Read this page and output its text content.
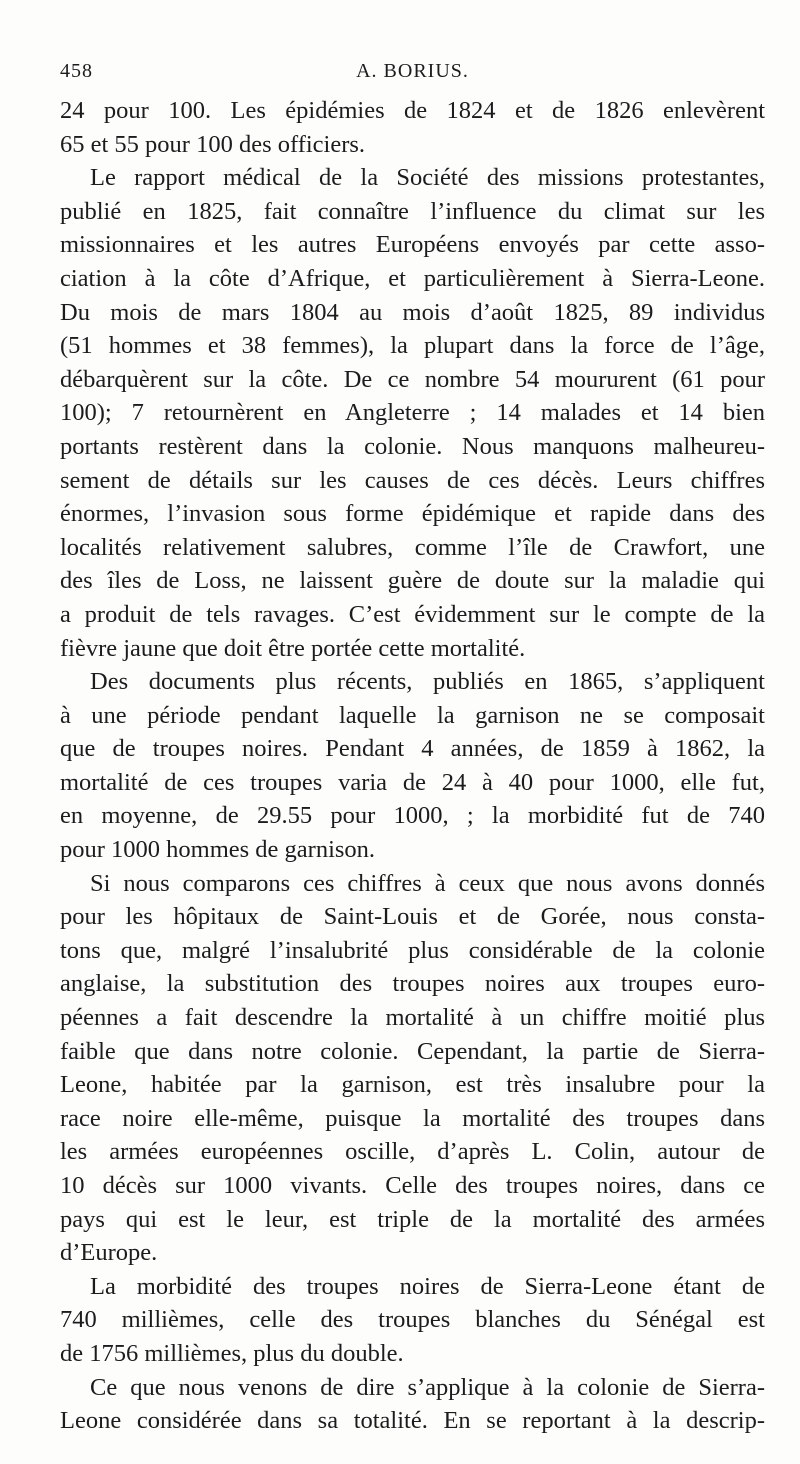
458	A. BORIUS.

24 pour 100. Les épidémies de 1824 et de 1826 enlevèrent
65 et 55 pour 100 des officiers.

Le rapport médical de la Société des missions protestantes,
publié en 1825, fait connaître l’influence du climat sur les
missionnaires et les autres Européens envoyés par cette asso-
ciation à la côte d’Afrique, et particulièrement à Sierra-Leone.
Du mois de mars 1804 au mois d’août 1825, 89 individus
(51 hommes et 38 femmes), la plupart dans la force de l’âge,
débarquèrent sur la côte. De ce nombre 54 moururent (61 pour
100); 7 retournèrent en Angleterre ; 14 malades et 14 bien
portants restèrent dans la colonie. Nous manquons malheureu-
sement de détails sur les causes de ces décès. Leurs chiffres
énormes, l’invasion sous forme épidémique et rapide dans des
localités relativement salubres, comme l’île de Crawfort, une
des îles de Loss, ne laissent guère de doute sur la maladie qui
a produit de tels ravages. C’est évidemment sur le compte de la
fièvre jaune que doit être portée cette mortalité.

Des documents plus récents, publiés en 1865, s’appliquent
à une période pendant laquelle la garnison ne se composait
que de troupes noires. Pendant 4 années, de 1859 à 1862, la
mortalité de ces troupes varia de 24 à 40 pour 1000, elle fut,
en moyenne, de 29.55 pour 1000, ; la morbidité fut de 740
pour 1000 hommes de garnison.

Si nous comparons ces chiffres à ceux que nous avons donnés
pour les hôpitaux de Saint-Louis et de Gorée, nous consta-
tons que, malgré l’insalubrité plus considérable de la colonie
anglaise, la substitution des troupes noires aux troupes euro-
péennes a fait descendre la mortalité à un chiffre moitié plus
faible que dans notre colonie. Cependant, la partie de Sierra-
Leone, habitée par la garnison, est très insalubre pour la
race noire elle-même, puisque la mortalité des troupes dans
les armées européennes oscille, d’après L. Colin, autour de
10 décès sur 1000 vivants. Celle des troupes noires, dans ce
pays qui est le leur, est triple de la mortalité des armées
d’Europe.

La morbidité des troupes noires de Sierra-Leone étant de
740 millièmes, celle des troupes blanches du Sénégal est
de 1756 millièmes, plus du double.

Ce que nous venons de dire s’applique à la colonie de Sierra-
Leone considérée dans sa totalité. En se reportant à la descrip-
